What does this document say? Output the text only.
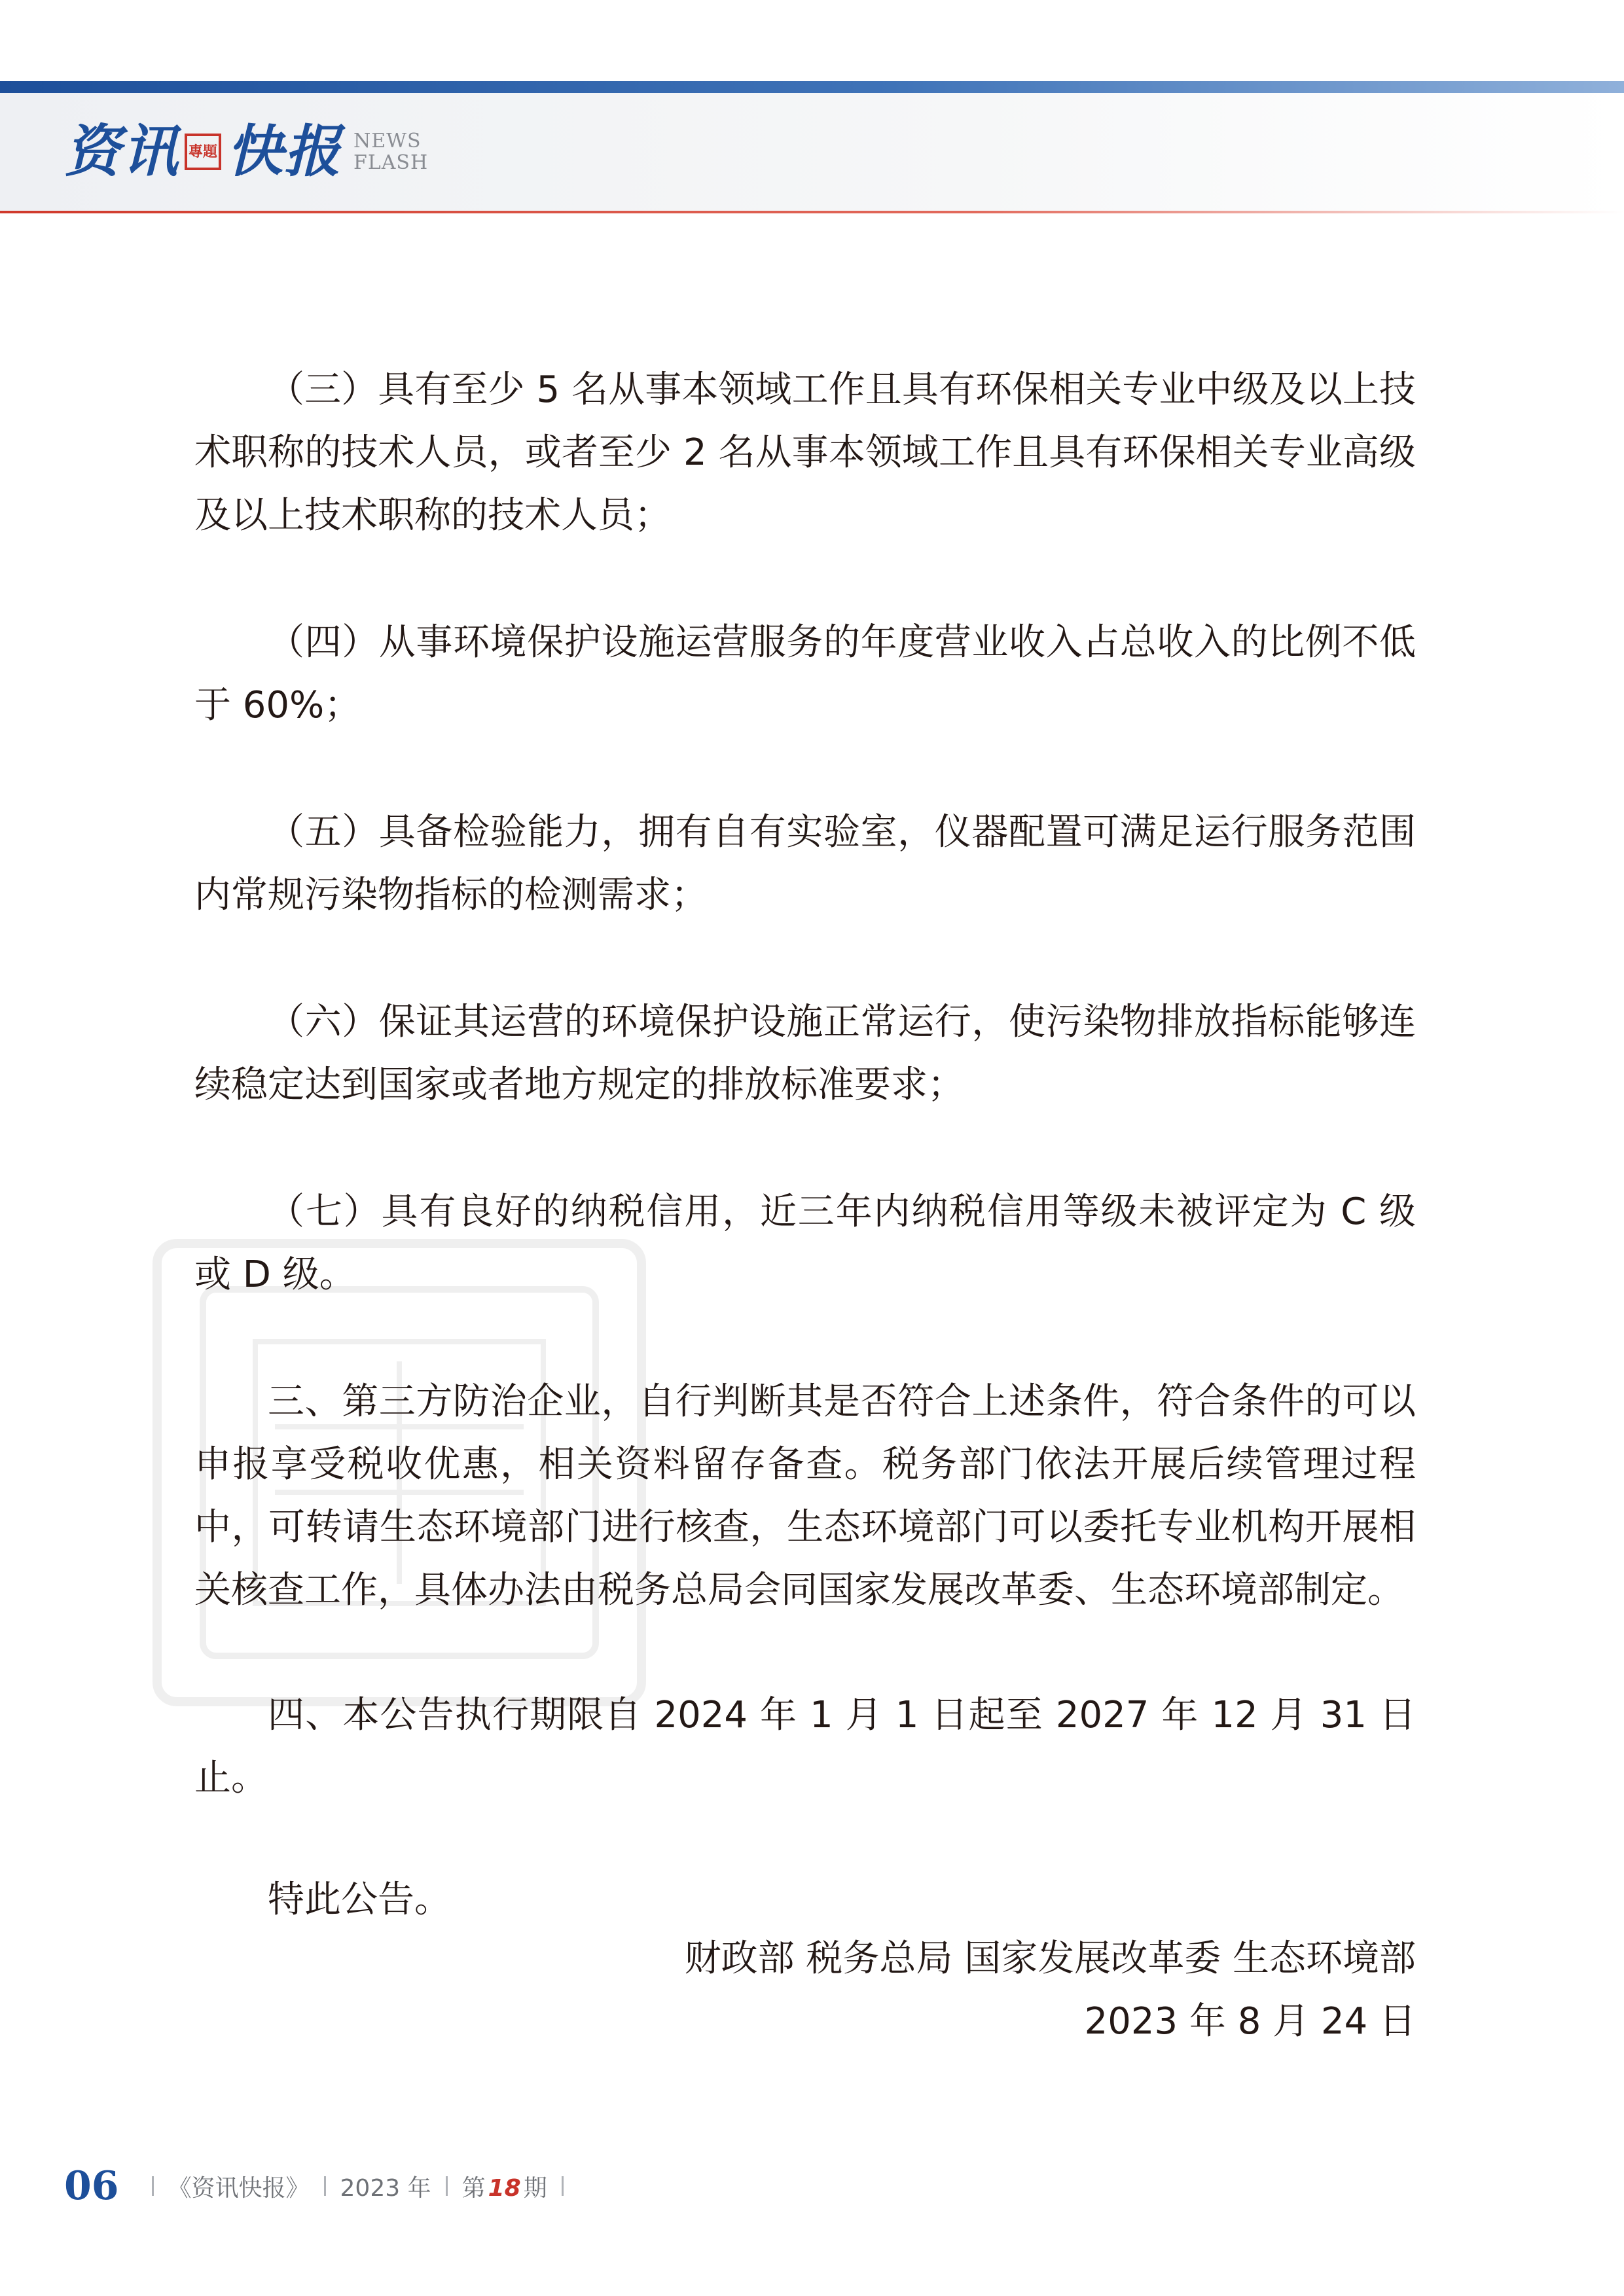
资讯 專題 快报 NEWS
FLASH

（三）具有至少 5 名从事本领域工作且具有环保相关专业中级及以上技术职称的技术人员，或者至少 2 名从事本领域工作且具有环保相关专业高级及以上技术职称的技术人员；

（四）从事环境保护设施运营服务的年度营业收入占总收入的比例不低于 60%；

（五）具备检验能力，拥有自有实验室，仪器配置可满足运行服务范围内常规污染物指标的检测需求；

（六）保证其运营的环境保护设施正常运行，使污染物排放指标能够连续稳定达到国家或者地方规定的排放标准要求；

（七）具有良好的纳税信用，近三年内纳税信用等级未被评定为 C 级或 D 级。

三、第三方防治企业，自行判断其是否符合上述条件，符合条件的可以申报享受税收优惠，相关资料留存备查。税务部门依法开展后续管理过程中，可转请生态环境部门进行核查，生态环境部门可以委托专业机构开展相关核查工作，具体办法由税务总局会同国家发展改革委、生态环境部制定。

四、本公告执行期限自 2024 年 1 月 1 日起至 2027 年 12 月 31 日止。

特此公告。

财政部 税务总局 国家发展改革委 生态环境部
2023 年 8 月 24 日
06 《资讯快报》 2023 年 第 18 期
